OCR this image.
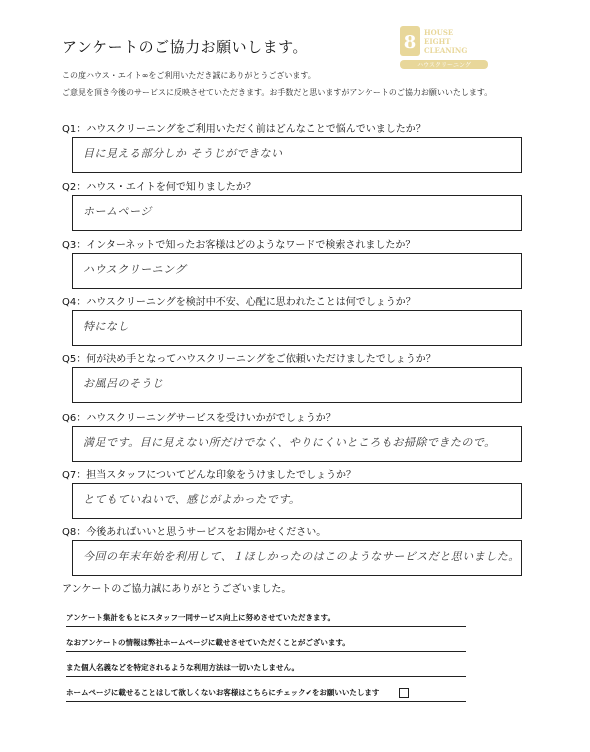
アンケートのご協力お願いします。	8 HOUSE
EIGHT
CLEANING
ハウスクリーニング
この度ハウス・エイト∞をご利用いただき誠にありがとうございます。
ご意見を頂き今後のサービスに反映させていただきます。お手数だと思いますがアンケートのご協力お願いいたします。
Q1：ハウスクリーニングをご利用いただく前はどんなことで悩んでいましたか？
目に見える部分しか そうじができない
Q2：ハウス・エイトを何で知りましたか？
ホームページ
Q3：インターネットで知ったお客様はどのようなワードで検索されましたか？
ハウスクリーニング
Q4：ハウスクリーニングを検討中不安、心配に思われたことは何でしょうか？
特になし
Q5：何が決め手となってハウスクリーニングをご依頼いただけましたでしょうか？
お風呂のそうじ
Q6：ハウスクリーニングサービスを受けいかがでしょうか？
満足です。目に見えない所だけでなく、やりにくいところもお掃除できたので。
Q7：担当スタッフについてどんな印象をうけましたでしょうか？
とてもていねいで、感じがよかったです。
Q8：今後あればいいと思うサービスをお聞かせください。
今回の年末年始を利用して、１ほしかったのはこのようなサービスだと思いました。
アンケートのご協力誠にありがとうございました。
アンケート集計をもとにスタッフ一同サービス向上に努めさせていただきます。
なおアンケートの情報は弊社ホームページに載せさせていただくことがございます。
また個人名義などを特定されるような利用方法は一切いたしません。
ホームページに載せることはして欲しくないお客様はこちらにチェック✔をお願いいたします
